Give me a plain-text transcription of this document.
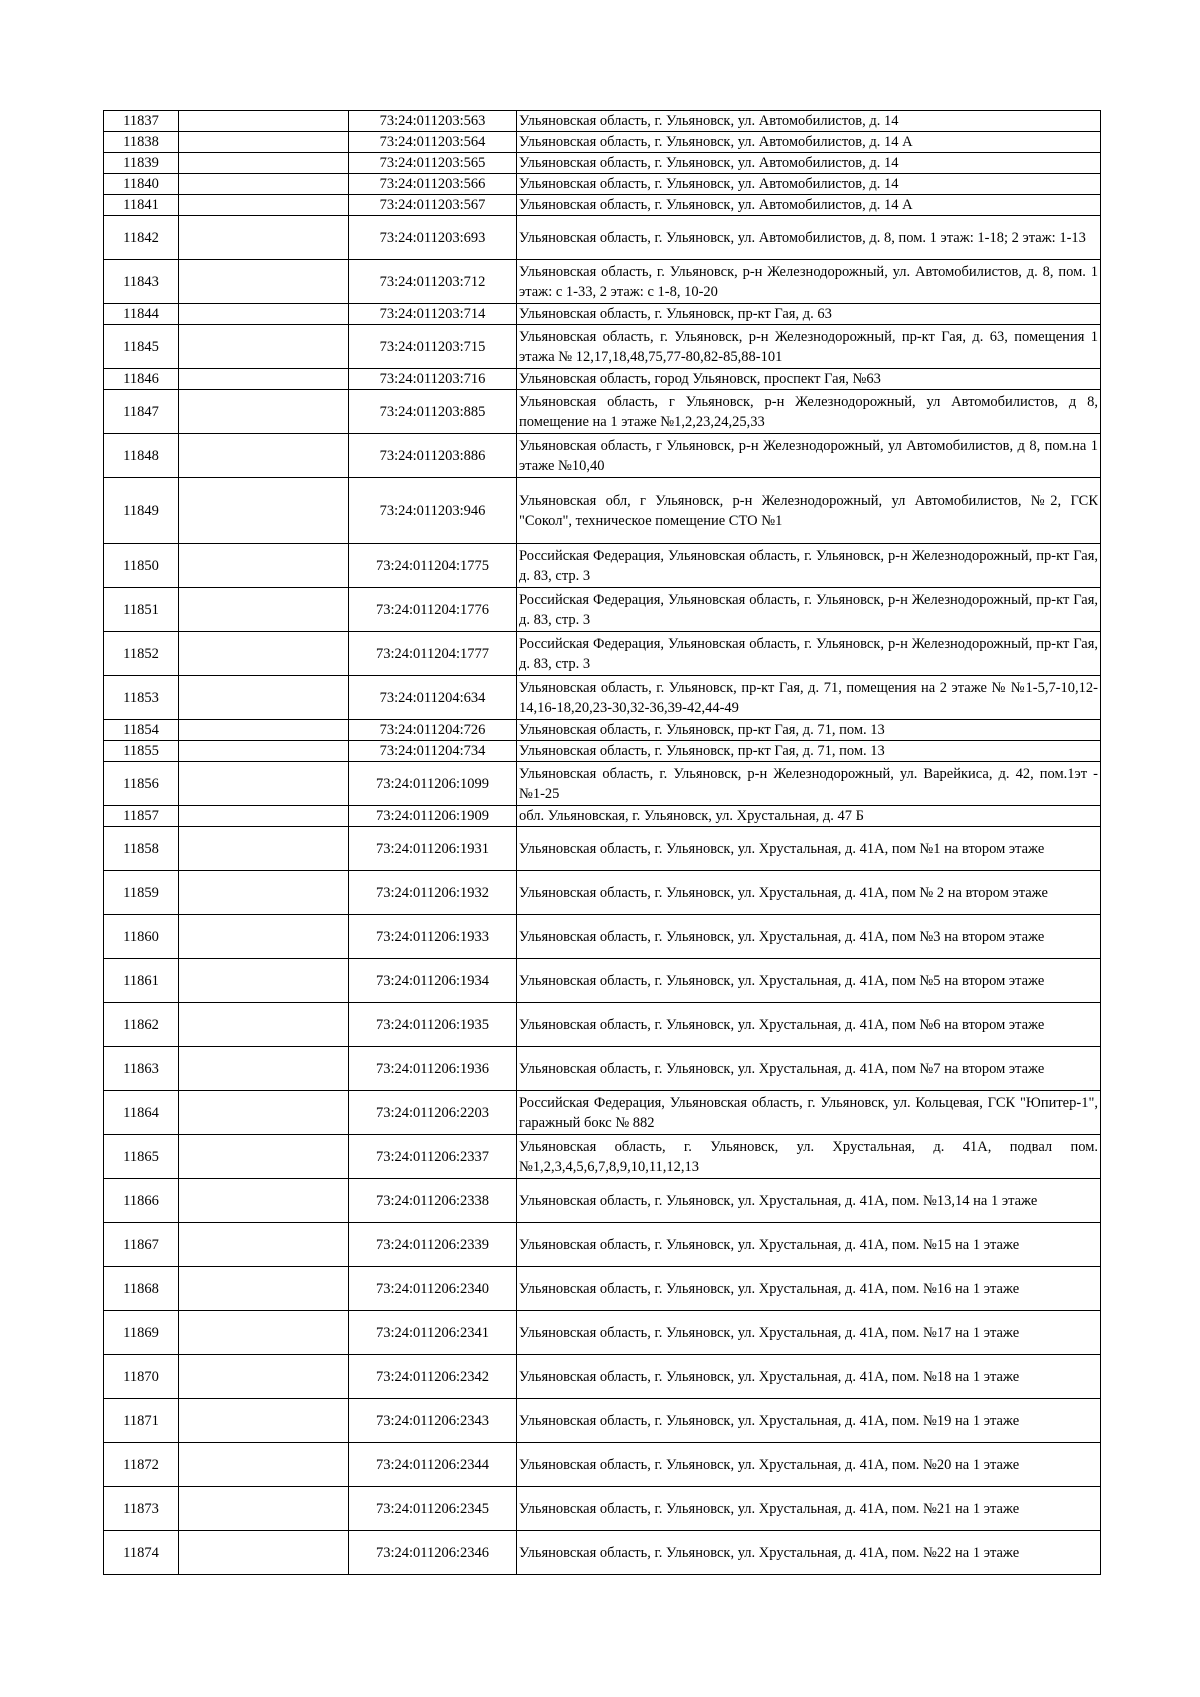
11837		73:24:011203:563	Ульяновская область, г. Ульяновск, ул. Автомобилистов, д. 14
11838		73:24:011203:564	Ульяновская область, г. Ульяновск, ул. Автомобилистов, д. 14 А
11839		73:24:011203:565	Ульяновская область, г. Ульяновск, ул. Автомобилистов, д. 14
11840		73:24:011203:566	Ульяновская область, г. Ульяновск, ул. Автомобилистов, д. 14
11841		73:24:011203:567	Ульяновская область, г. Ульяновск, ул. Автомобилистов, д. 14 А
11842		73:24:011203:693	Ульяновская область, г. Ульяновск, ул. Автомобилистов, д. 8, пом. 1 этаж: 1-18; 2 этаж: 1-13
11843		73:24:011203:712	Ульяновская область, г. Ульяновск, р-н Железнодорожный, ул. Автомобилистов, д. 8, пом. 1 этаж: с 1-33, 2 этаж: с 1-8, 10-20
11844		73:24:011203:714	Ульяновская область, г. Ульяновск, пр-кт Гая, д. 63
11845		73:24:011203:715	Ульяновская область, г. Ульяновск, р-н Железнодорожный, пр-кт Гая, д. 63, помещения 1 этажа № 12,17,18,48,75,77-80,82-85,88-101
11846		73:24:011203:716	Ульяновская область, город Ульяновск, проспект Гая, №63
11847		73:24:011203:885	Ульяновская область, г Ульяновск, р-н Железнодорожный, ул Автомобилистов, д 8, помещение на 1 этаже №1,2,23,24,25,33
11848		73:24:011203:886	Ульяновская область, г Ульяновск, р-н Железнодорожный, ул Автомобилистов, д 8, пом.на 1 этаже №10,40
11849		73:24:011203:946	Ульяновская обл, г Ульяновск, р-н Железнодорожный, ул Автомобилистов, №2, ГСК "Сокол", техническое помещение СТО №1
11850		73:24:011204:1775	Российская Федерация, Ульяновская область, г. Ульяновск, р-н Железнодорожный, пр-кт Гая, д. 83, стр. 3
11851		73:24:011204:1776	Российская Федерация, Ульяновская область, г. Ульяновск, р-н Железнодорожный, пр-кт Гая, д. 83, стр. 3
11852		73:24:011204:1777	Российская Федерация, Ульяновская область, г. Ульяновск, р-н Железнодорожный, пр-кт Гая, д. 83, стр. 3
11853		73:24:011204:634	Ульяновская область, г. Ульяновск, пр-кт Гая, д. 71, помещения на 2 этаже № №1-5,7-10,12-14,16-18,20,23-30,32-36,39-42,44-49
11854		73:24:011204:726	Ульяновская область, г. Ульяновск, пр-кт Гая, д. 71, пом. 13
11855		73:24:011204:734	Ульяновская область, г. Ульяновск, пр-кт Гая, д. 71, пом. 13
11856		73:24:011206:1099	Ульяновская область, г. Ульяновск, р-н Железнодорожный, ул. Варейкиса, д. 42, пом.1эт - №1-25
11857		73:24:011206:1909	обл. Ульяновская, г. Ульяновск, ул. Хрустальная, д. 47 Б
11858		73:24:011206:1931	Ульяновская область, г. Ульяновск, ул. Хрустальная, д. 41А, пом №1 на втором этаже
11859		73:24:011206:1932	Ульяновская область, г. Ульяновск, ул. Хрустальная, д. 41А, пом № 2 на втором этаже
11860		73:24:011206:1933	Ульяновская область, г. Ульяновск, ул. Хрустальная, д. 41А, пом №3 на втором этаже
11861		73:24:011206:1934	Ульяновская область, г. Ульяновск, ул. Хрустальная, д. 41А, пом №5 на втором этаже
11862		73:24:011206:1935	Ульяновская область, г. Ульяновск, ул. Хрустальная, д. 41А, пом №6 на втором этаже
11863		73:24:011206:1936	Ульяновская область, г. Ульяновск, ул. Хрустальная, д. 41А, пом №7 на втором этаже
11864		73:24:011206:2203	Российская Федерация, Ульяновская область, г. Ульяновск, ул. Кольцевая, ГСК "Юпитер-1", гаражный бокс № 882
11865		73:24:011206:2337	Ульяновская область, г. Ульяновск, ул. Хрустальная, д. 41А, подвал пом. №1,2,3,4,5,6,7,8,9,10,11,12,13
11866		73:24:011206:2338	Ульяновская область, г. Ульяновск, ул. Хрустальная, д. 41А, пом. №13,14 на 1 этаже
11867		73:24:011206:2339	Ульяновская область, г. Ульяновск, ул. Хрустальная, д. 41А, пом. №15 на 1 этаже
11868		73:24:011206:2340	Ульяновская область, г. Ульяновск, ул. Хрустальная, д. 41А, пом. №16 на 1 этаже
11869		73:24:011206:2341	Ульяновская область, г. Ульяновск, ул. Хрустальная, д. 41А, пом. №17 на 1 этаже
11870		73:24:011206:2342	Ульяновская область, г. Ульяновск, ул. Хрустальная, д. 41А, пом. №18 на 1 этаже
11871		73:24:011206:2343	Ульяновская область, г. Ульяновск, ул. Хрустальная, д. 41А, пом. №19 на 1 этаже
11872		73:24:011206:2344	Ульяновская область, г. Ульяновск, ул. Хрустальная, д. 41А, пом. №20 на 1 этаже
11873		73:24:011206:2345	Ульяновская область, г. Ульяновск, ул. Хрустальная, д. 41А, пом. №21 на 1 этаже
11874		73:24:011206:2346	Ульяновская область, г. Ульяновск, ул. Хрустальная, д. 41А, пом. №22 на 1 этаже
